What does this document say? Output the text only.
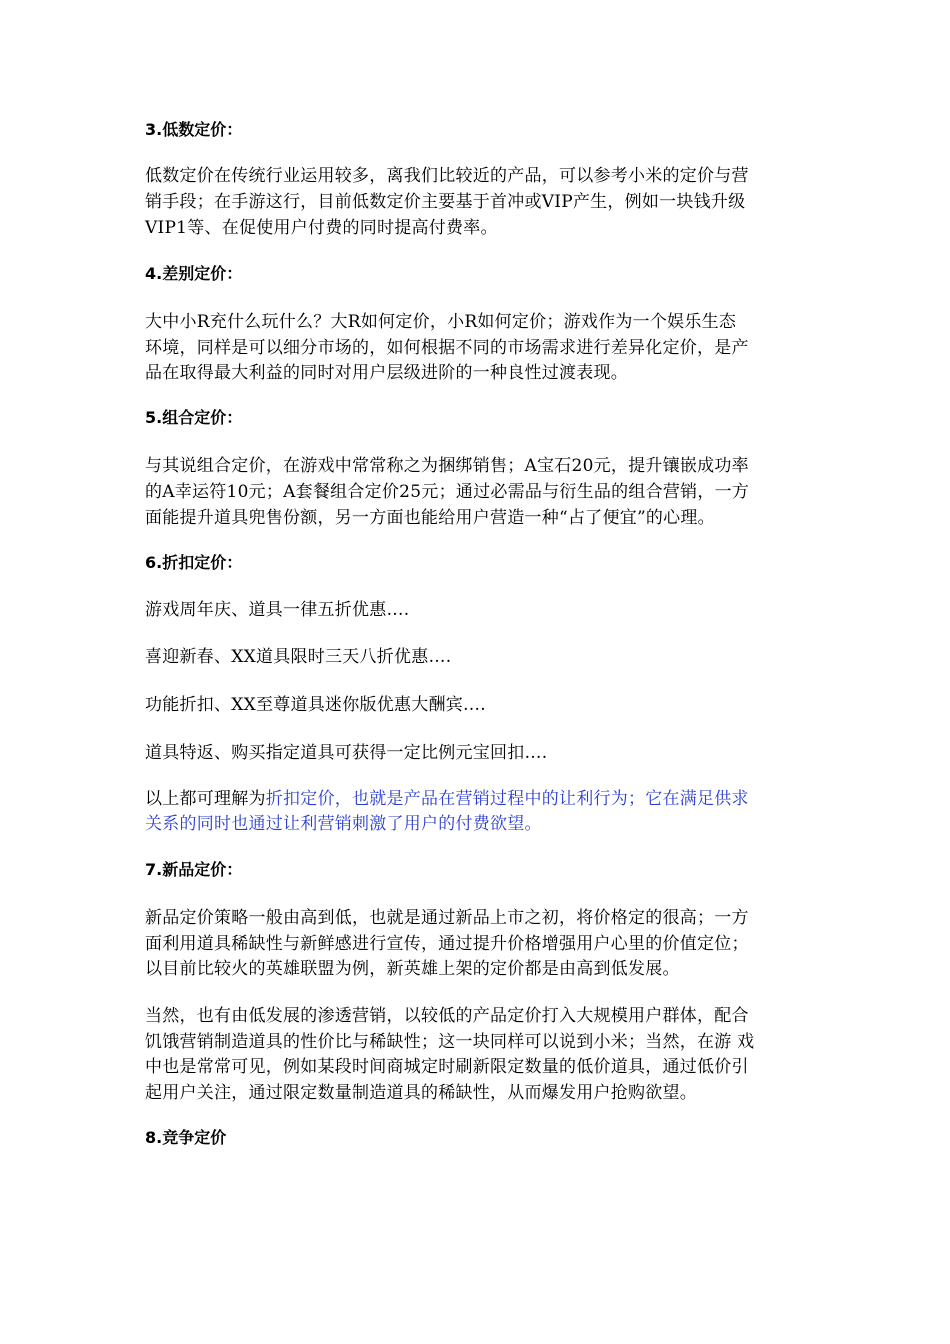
3.低数定价：
低数定价在传统行业运用较多，离我们比较近的产品，可以参考小米的定价与营
销手段；在手游这行，目前低数定价主要基于首冲或VIP产生，例如一块钱升级
VIP1等、在促使用户付费的同时提高付费率。
4.差别定价：
大中小R充什么玩什么？大R如何定价，小R如何定价；游戏作为一个娱乐生态
环境，同样是可以细分市场的，如何根据不同的市场需求进行差异化定价，是产
品在取得最大利益的同时对用户层级进阶的一种良性过渡表现。
5.组合定价：
与其说组合定价，在游戏中常常称之为捆绑销售；A宝石20元，提升镶嵌成功率
的A幸运符10元；A套餐组合定价25元；通过必需品与衍生品的组合营销，一方
面能提升道具兜售份额，另一方面也能给用户营造一种“占了便宜”的心理。
6.折扣定价：
游戏周年庆、道具一律五折优惠….
喜迎新春、XX道具限时三天八折优惠….
功能折扣、XX至尊道具迷你版优惠大酬宾….
道具特返、购买指定道具可获得一定比例元宝回扣….
以上都可理解为折扣定价，也就是产品在营销过程中的让利行为；它在满足供求
关系的同时也通过让利营销刺激了用户的付费欲望。
7.新品定价：
新品定价策略一般由高到低，也就是通过新品上市之初，将价格定的很高；一方
面利用道具稀缺性与新鲜感进行宣传，通过提升价格增强用户心里的价值定位；
以目前比较火的英雄联盟为例，新英雄上架的定价都是由高到低发展。
当然，也有由低发展的渗透营销，以较低的产品定价打入大规模用户群体，配合
饥饿营销制造道具的性价比与稀缺性；这一块同样可以说到小米；当然，在游 戏
中也是常常可见，例如某段时间商城定时刷新限定数量的低价道具，通过低价引
起用户关注，通过限定数量制造道具的稀缺性，从而爆发用户抢购欲望。
8.竞争定价
